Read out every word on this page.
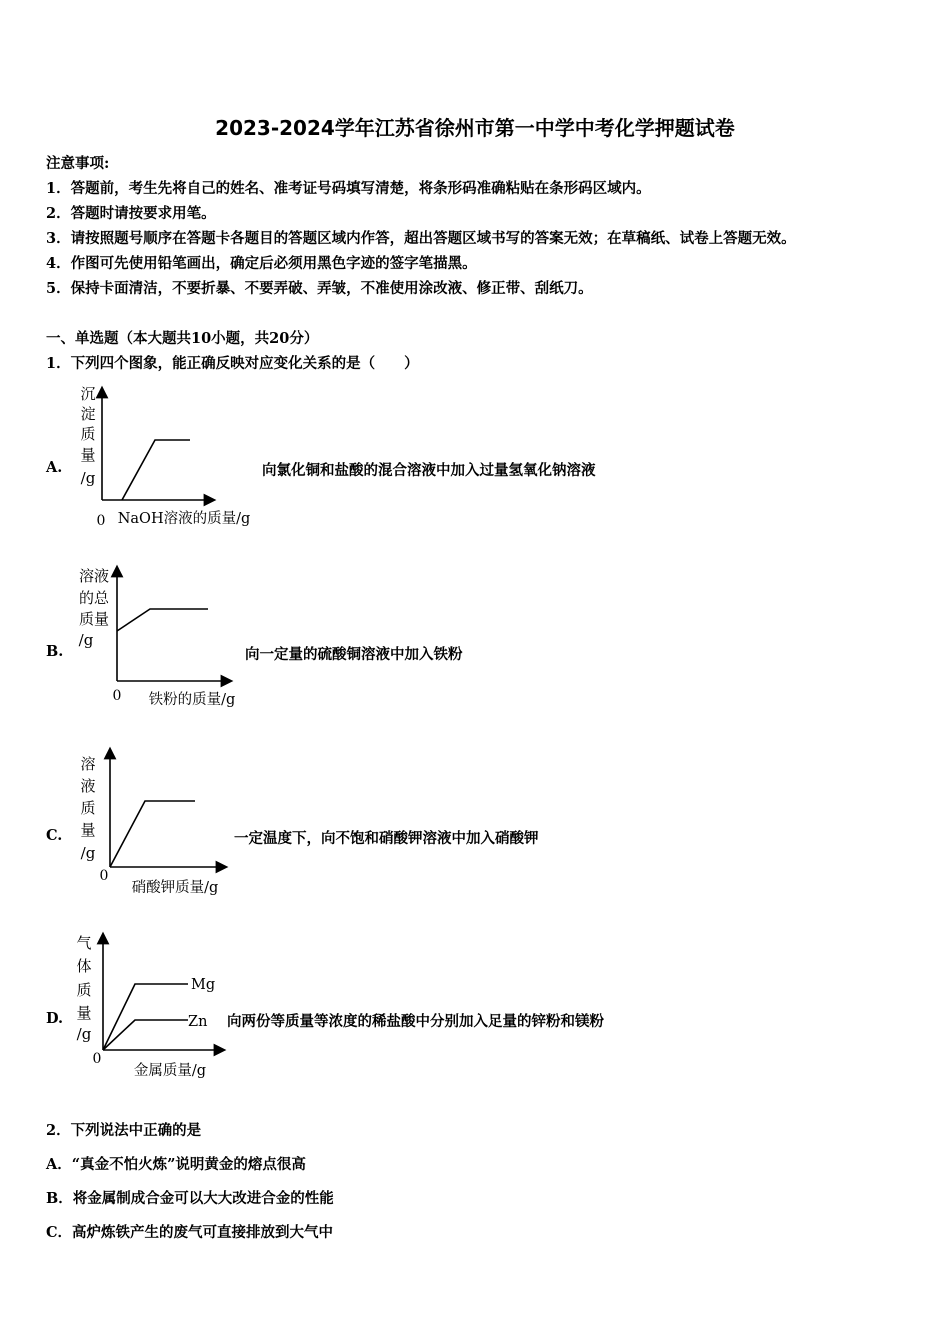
2023-2024学年江苏省徐州市第一中学中考化学押题试卷
注意事项:
1．答题前，考生先将自己的姓名、准考证号码填写清楚，将条形码准确粘贴在条形码区域内。
2．答题时请按要求用笔。
3．请按照题号顺序在答题卡各题目的答题区域内作答，超出答题区域书写的答案无效；在草稿纸、试卷上答题无效。
4．作图可先使用铅笔画出，确定后必须用黑色字迹的签字笔描黑。
5．保持卡面清洁，不要折暴、不要弄破、弄皱，不准使用涂改液、修正带、刮纸刀。
一、单选题（本大题共10小题，共20分）
1．下列四个图象，能正确反映对应变化关系的是（　　）
A.
沉
淀
质
量
/g
0 NaOH溶液的质量/g
向氯化铜和盐酸的混合溶液中加入过量氢氧化钠溶液
B.
溶液
的总
质量
/g
0 铁粉的质量/g
向一定量的硫酸铜溶液中加入铁粉
C.
溶
液
质
量
/g
0
硝酸钾质量/g
一定温度下，向不饱和硝酸钾溶液中加入硝酸钾
D.
气
体
质
量
/g
Mg
Zn
0
金属质量/g
向两份等质量等浓度的稀盐酸中分别加入足量的锌粉和镁粉
2．下列说法中正确的是
A．“真金不怕火炼”说明黄金的熔点很高
B．将金属制成合金可以大大改进合金的性能
C．高炉炼铁产生的废气可直接排放到大气中
